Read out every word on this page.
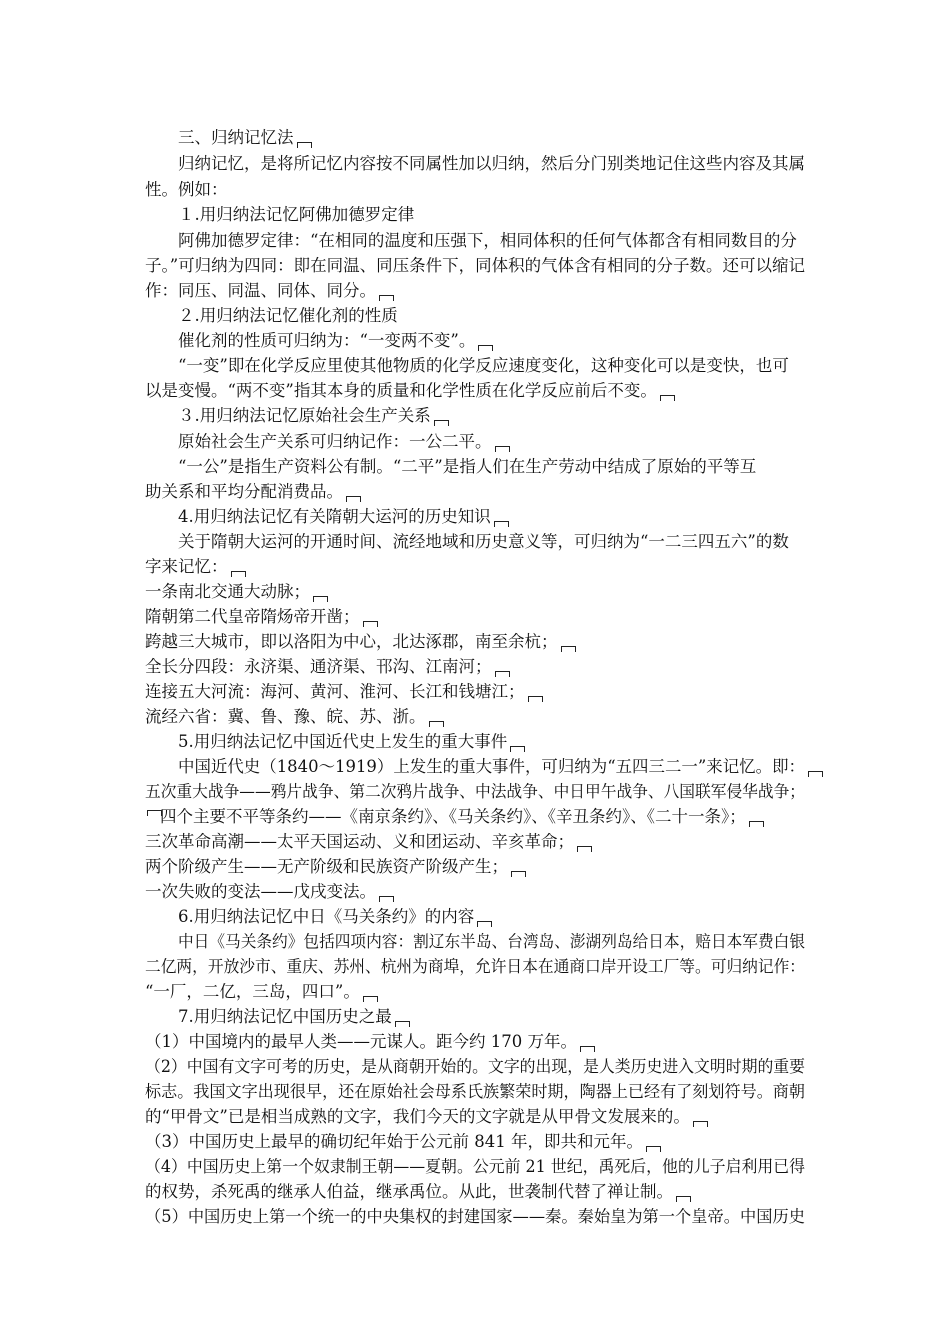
三、归纳记忆法
归纳记忆，是将所记忆内容按不同属性加以归纳，然后分门别类地记住这些内容及其属
性。例如：
１.用归纳法记忆阿佛加德罗定律
阿佛加德罗定律：“在相同的温度和压强下，相同体积的任何气体都含有相同数目的分
子。”可归纳为四同：即在同温、同压条件下，同体积的气体含有相同的分子数。还可以缩记
作：同压、同温、同体、同分。
２.用归纳法记忆催化剂的性质
催化剂的性质可归纳为：“一变两不变”。
“一变”即在化学反应里使其他物质的化学反应速度变化，这种变化可以是变快，也可
以是变慢。“两不变”指其本身的质量和化学性质在化学反应前后不变。
３.用归纳法记忆原始社会生产关系
原始社会生产关系可归纳记作：一公二平。
“一公”是指生产资料公有制。“二平”是指人们在生产劳动中结成了原始的平等互
助关系和平均分配消费品。
4.用归纳法记忆有关隋朝大运河的历史知识
关于隋朝大运河的开通时间、流经地域和历史意义等，可归纳为“一二三四五六”的数
字来记忆：
一条南北交通大动脉；
隋朝第二代皇帝隋炀帝开凿；
跨越三大城市，即以洛阳为中心，北达涿郡，南至余杭；
全长分四段：永济渠、通济渠、邗沟、江南河；
连接五大河流：海河、黄河、淮河、长江和钱塘江；
流经六省：冀、鲁、豫、皖、苏、浙。
5.用归纳法记忆中国近代史上发生的重大事件
中国近代史（1840～1919）上发生的重大事件，可归纳为“五四三二一”来记忆。即：
五次重大战争——鸦片战争、第二次鸦片战争、中法战争、中日甲午战争、八国联军侵华战争；
四个主要不平等条约——《南京条约》、《马关条约》、《辛丑条约》、《二十一条》；
三次革命高潮——太平天国运动、义和团运动、辛亥革命；
两个阶级产生——无产阶级和民族资产阶级产生；
一次失败的变法——戊戌变法。
6.用归纳法记忆中日《马关条约》的内容
中日《马关条约》包括四项内容：割辽东半岛、台湾岛、澎湖列岛给日本，赔日本军费白银
二亿两，开放沙市、重庆、苏州、杭州为商埠，允许日本在通商口岸开设工厂等。可归纳记作：
“一厂，二亿，三岛，四口”。
7.用归纳法记忆中国历史之最
（1）中国境内的最早人类——元谋人。距今约 170 万年。
（2）中国有文字可考的历史，是从商朝开始的。文字的出现，是人类历史进入文明时期的重要
标志。我国文字出现很早，还在原始社会母系氏族繁荣时期，陶器上已经有了刻划符号。商朝
的“甲骨文”已是相当成熟的文字，我们今天的文字就是从甲骨文发展来的。
（3）中国历史上最早的确切纪年始于公元前 841 年，即共和元年。
（4）中国历史上第一个奴隶制王朝——夏朝。公元前 21 世纪，禹死后，他的儿子启利用已得
的权势，杀死禹的继承人伯益，继承禹位。从此，世袭制代替了禅让制。
（5）中国历史上第一个统一的中央集权的封建国家——秦。秦始皇为第一个皇帝。中国历史
